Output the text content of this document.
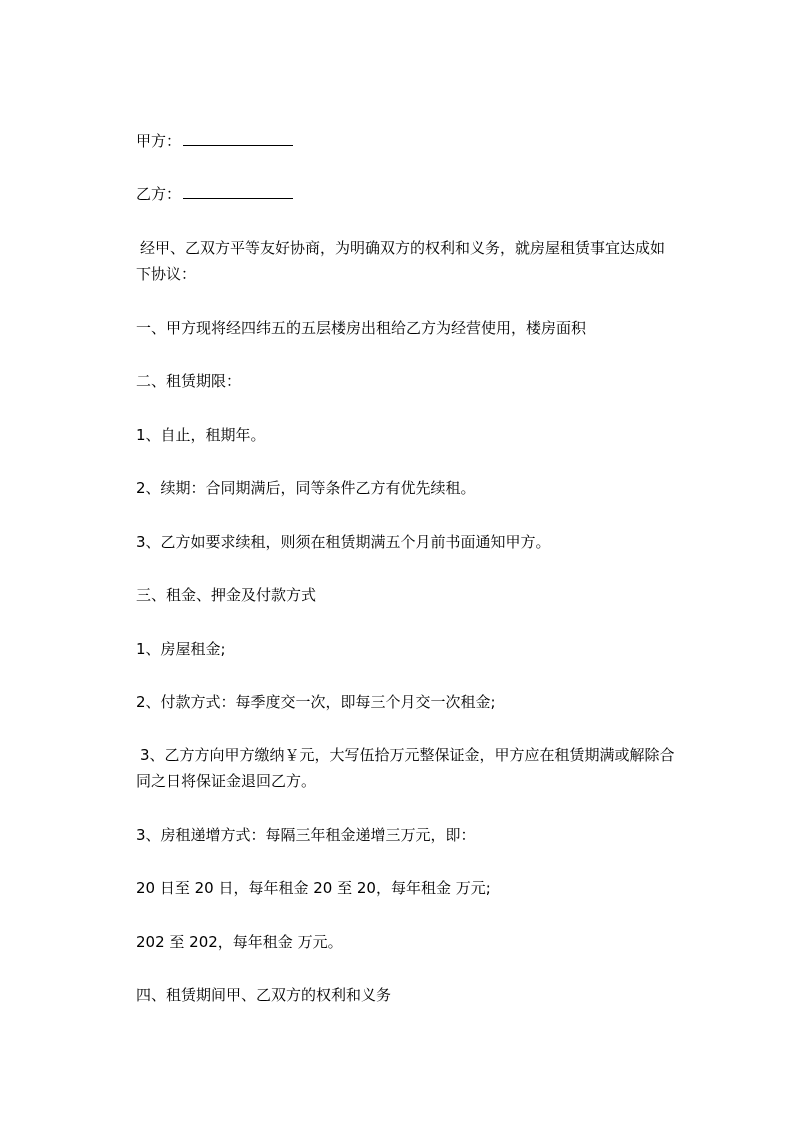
甲方：
乙方：
经甲、乙双方平等友好协商，为明确双方的权利和义务，就房屋租赁事宜达成如
下协议：
一、甲方现将经四纬五的五层楼房出租给乙方为经营使用，楼房面积
二、租赁期限：
1、自止，租期年。
2、续期：合同期满后，同等条件乙方有优先续租。
3、乙方如要求续租，则须在租赁期满五个月前书面通知甲方。
三、租金、押金及付款方式
1、房屋租金;
2、付款方式：每季度交一次，即每三个月交一次租金;
3、乙方方向甲方缴纳￥元，大写伍拾万元整保证金，甲方应在租赁期满或解除合
同之日将保证金退回乙方。
3、房租递增方式：每隔三年租金递增三万元，即：
20 日至 20 日，每年租金 20 至 20，每年租金 万元;
202 至 202，每年租金 万元。
四、租赁期间甲、乙双方的权利和义务
